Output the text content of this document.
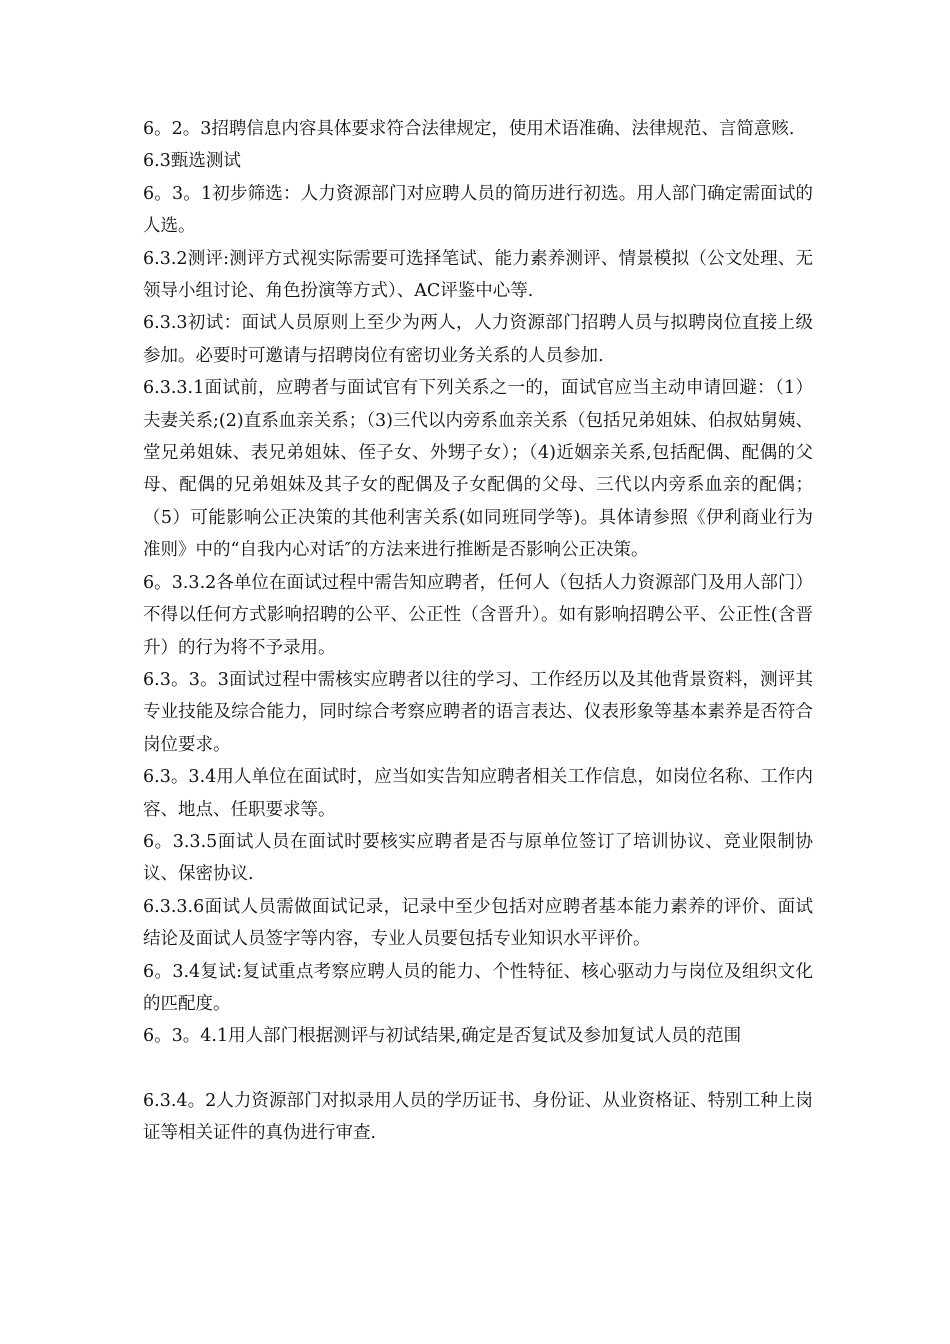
6。2。3招聘信息内容具体要求符合法律规定，使用术语准确、法律规范、言简意赅.

6.3甄选测试

6。3。1初步筛选：人力资源部门对应聘人员的简历进行初选。用人部门确定需面试的人选。

6.3.2测评:测评方式视实际需要可选择笔试、能力素养测评、情景模拟（公文处理、无领导小组讨论、角色扮演等方式）、AC评鉴中心等.

6.3.3初试：面试人员原则上至少为两人，人力资源部门招聘人员与拟聘岗位直接上级参加。必要时可邀请与招聘岗位有密切业务关系的人员参加.

6.3.3.1面试前，应聘者与面试官有下列关系之一的，面试官应当主动申请回避：（1）夫妻关系;(2)直系血亲关系；（3)三代以内旁系血亲关系（包括兄弟姐妹、伯叔姑舅姨、堂兄弟姐妹、表兄弟姐妹、侄子女、外甥子女）；（4)近姻亲关系,包括配偶、配偶的父母、配偶的兄弟姐妹及其子女的配偶及子女配偶的父母、三代以内旁系血亲的配偶；（5）可能影响公正决策的其他利害关系(如同班同学等)。具体请参照《伊利商业行为准则》中的“自我内心对话″的方法来进行推断是否影响公正决策。

6。3.3.2各单位在面试过程中需告知应聘者，任何人（包括人力资源部门及用人部门）不得以任何方式影响招聘的公平、公正性（含晋升）。如有影响招聘公平、公正性(含晋升）的行为将不予录用。

6.3。3。3面试过程中需核实应聘者以往的学习、工作经历以及其他背景资料，测评其专业技能及综合能力，同时综合考察应聘者的语言表达、仪表形象等基本素养是否符合岗位要求。

6.3。3.4用人单位在面试时，应当如实告知应聘者相关工作信息，如岗位名称、工作内容、地点、任职要求等。

6。3.3.5面试人员在面试时要核实应聘者是否与原单位签订了培训协议、竞业限制协议、保密协议.

6.3.3.6面试人员需做面试记录，记录中至少包括对应聘者基本能力素养的评价、面试结论及面试人员签字等内容，专业人员要包括专业知识水平评价。

6。3.4复试:复试重点考察应聘人员的能力、个性特征、核心驱动力与岗位及组织文化的匹配度。

6。3。4.1用人部门根据测评与初试结果,确定是否复试及参加复试人员的范围

6.3.4。2人力资源部门对拟录用人员的学历证书、身份证、从业资格证、特别工种上岗证等相关证件的真伪进行审查.
